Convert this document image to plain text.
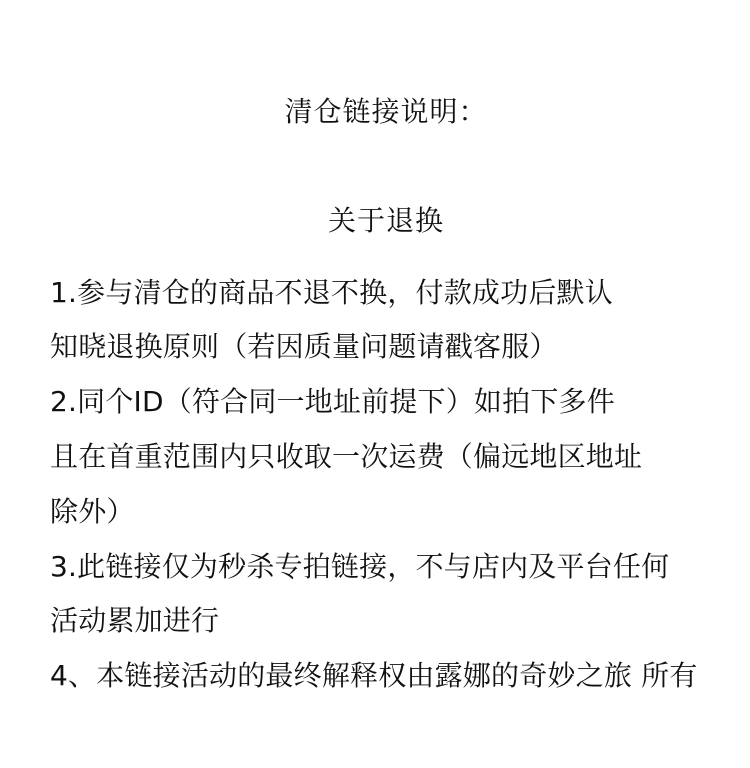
清仓链接说明：
关于退换
1.参与清仓的商品不退不换，付款成功后默认
知晓退换原则（若因质量问题请戳客服）
2.同个ID（符合同一地址前提下）如拍下多件
且在首重范围内只收取一次运费（偏远地区地址
除外）
3.此链接仅为秒杀专拍链接，不与店内及平台任何
活动累加进行
4、本链接活动的最终解释权由露娜的奇妙之旅 所有
